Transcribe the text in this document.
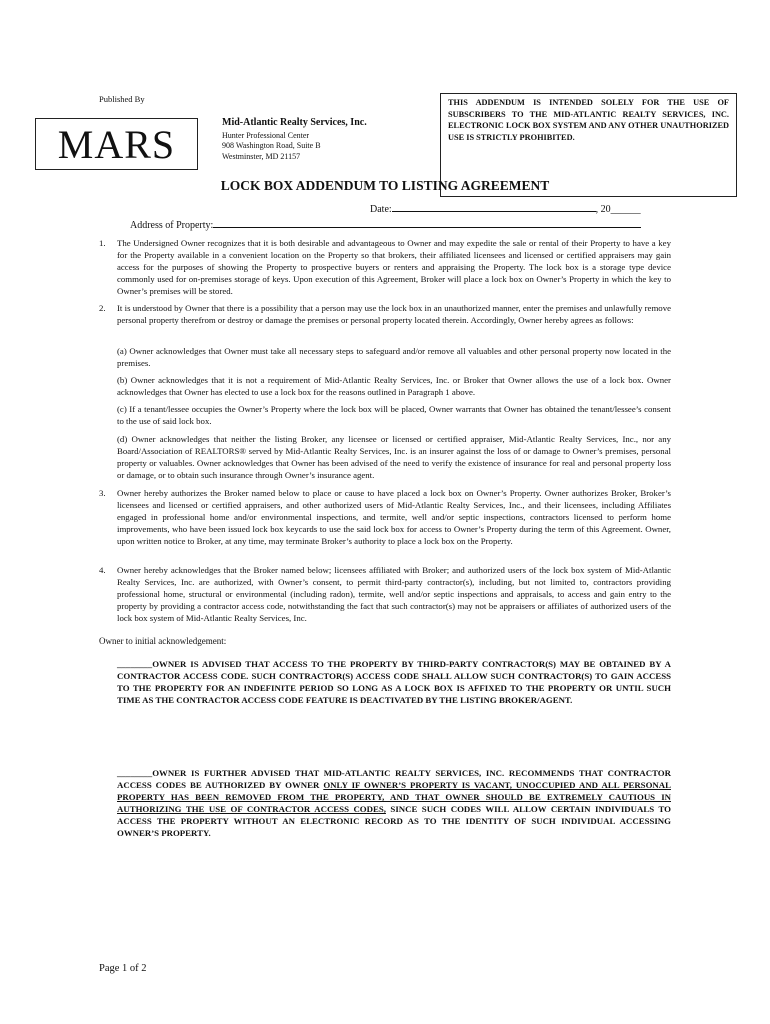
Published By
MARS	Mid-Atlantic Realty Services, Inc.
Hunter Professional Center
908 Washington Road, Suite B
Westminster, MD 21157
THIS ADDENDUM IS INTENDED SOLELY FOR THE USE OF SUBSCRIBERS TO THE MID-ATLANTIC REALTY SERVICES, INC. ELECTRONIC LOCK BOX SYSTEM AND ANY OTHER UNAUTHORIZED USE IS STRICTLY PROHIBITED.
LOCK BOX ADDENDUM TO LISTING AGREEMENT
Date:	, 20______
Address of Property:
1.	The Undersigned Owner recognizes that it is both desirable and advantageous to Owner and may expedite the sale or rental of their Property to have a key for the Property available in a convenient location on the Property so that brokers, their affiliated licensees and licensed or certified appraisers may gain access for the purposes of showing the Property to prospective buyers or renters and appraising the Property. The lock box is a storage type device commonly used for on-premises storage of keys. Upon execution of this Agreement, Broker will place a lock box on Owner’s Property in which the key to Owner’s premises will be stored.
2.	It is understood by Owner that there is a possibility that a person may use the lock box in an unauthorized manner, enter the premises and unlawfully remove personal property therefrom or destroy or damage the premises or personal property located therein. Accordingly, Owner hereby agrees as follows:
(a) Owner acknowledges that Owner must take all necessary steps to safeguard and/or remove all valuables and other personal property now located in the premises.
(b) Owner acknowledges that it is not a requirement of Mid-Atlantic Realty Services, Inc. or Broker that Owner allows the use of a lock box. Owner acknowledges that Owner has elected to use a lock box for the reasons outlined in Paragraph 1 above.
(c) If a tenant/lessee occupies the Owner’s Property where the lock box will be placed, Owner warrants that Owner has obtained the tenant/lessee’s consent to the use of said lock box.
(d) Owner acknowledges that neither the listing Broker, any licensee or licensed or certified appraiser, Mid-Atlantic Realty Services, Inc., nor any Board/Association of REALTORS® served by Mid-Atlantic Realty Services, Inc. is an insurer against the loss of or damage to Owner’s premises, personal property or valuables. Owner acknowledges that Owner has been advised of the need to verify the existence of insurance for real and personal property loss or damage, or to obtain such insurance through Owner’s insurance agent.
3.	Owner hereby authorizes the Broker named below to place or cause to have placed a lock box on Owner’s Property. Owner authorizes Broker, Broker’s licensees and licensed or certified appraisers, and other authorized users of Mid-Atlantic Realty Services, Inc., and their licensees, including Affiliates engaged in professional home and/or environmental inspections, and termite, well and/or septic inspections, contractors licensed to perform home improvements, who have been issued lock box keycards to use the said lock box for access to Owner’s Property during the term of this Agreement. Owner, upon written notice to Broker, at any time, may terminate Broker’s authority to place a lock box on the Property.
4.	Owner hereby acknowledges that the Broker named below; licensees affiliated with Broker; and authorized users of the lock box system of Mid-Atlantic Realty Services, Inc. are authorized, with Owner’s consent, to permit third-party contractor(s), including, but not limited to, contractors providing professional home, structural or environmental (including radon), termite, well and/or septic inspections and appraisals, to access and gain entry to the property by providing a contractor access code, notwithstanding the fact that such contractor(s) may not be appraisers or affiliates of authorized users of the lock box system of Mid-Atlantic Realty Services, Inc.
Owner to initial acknowledgement:
________OWNER IS ADVISED THAT ACCESS TO THE PROPERTY BY THIRD-PARTY CONTRACTOR(S) MAY BE OBTAINED BY A CONTRACTOR ACCESS CODE. SUCH CONTRACTOR(S) ACCESS CODE SHALL ALLOW SUCH CONTRACTOR(S) TO GAIN ACCESS TO THE PROPERTY FOR AN INDEFINITE PERIOD SO LONG AS A LOCK BOX IS AFFIXED TO THE PROPERTY OR UNTIL SUCH TIME AS THE CONTRACTOR ACCESS CODE FEATURE IS DEACTIVATED BY THE LISTING BROKER/AGENT.
________OWNER IS FURTHER ADVISED THAT MID-ATLANTIC REALTY SERVICES, INC. RECOMMENDS THAT CONTRACTOR ACCESS CODES BE AUTHORIZED BY OWNER ONLY IF OWNER’S PROPERTY IS VACANT, UNOCCUPIED AND ALL PERSONAL PROPERTY HAS BEEN REMOVED FROM THE PROPERTY, AND THAT OWNER SHOULD BE EXTREMELY CAUTIOUS IN AUTHORIZING THE USE OF CONTRACTOR ACCESS CODES, SINCE SUCH CODES WILL ALLOW CERTAIN INDIVIDUALS TO ACCESS THE PROPERTY WITHOUT AN ELECTRONIC RECORD AS TO THE IDENTITY OF SUCH INDIVIDUAL ACCESSING OWNER’S PROPERTY.
Page 1 of 2
